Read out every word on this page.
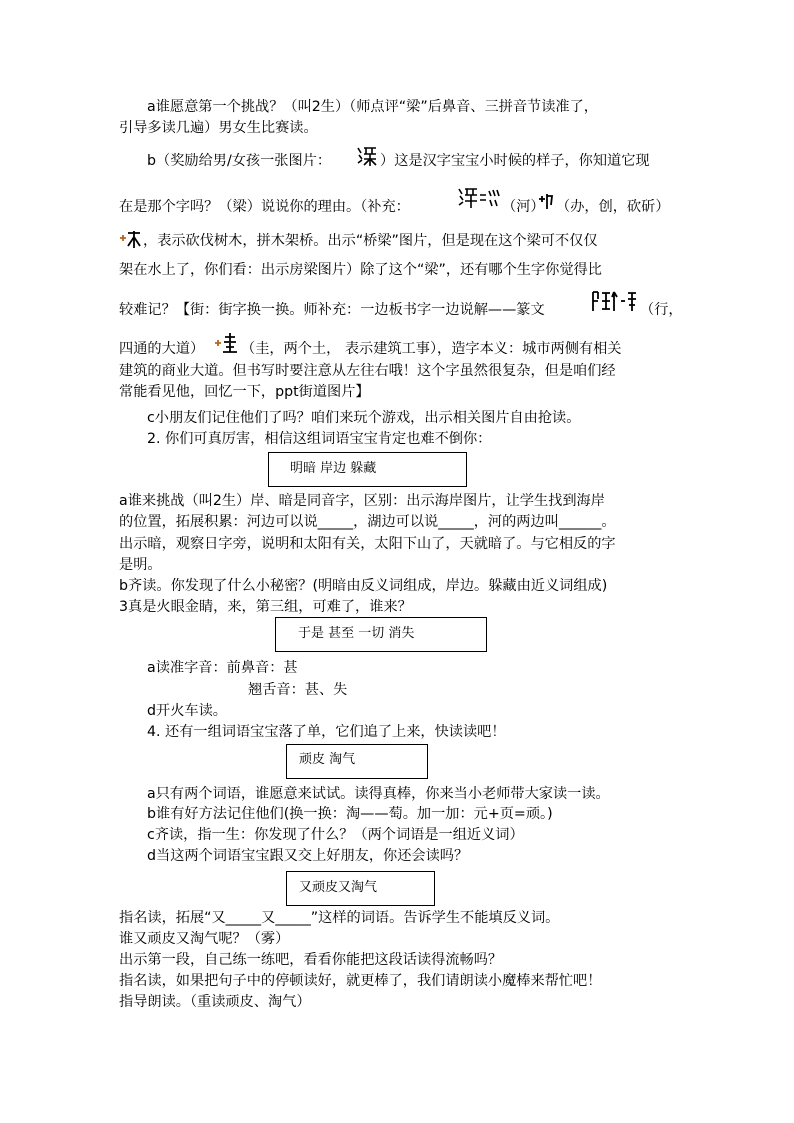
a谁愿意第一个挑战？（叫2生）（师点评“梁”后鼻音、三拼音节读准了，
引导多读几遍）男女生比赛读。
b（奖励给男/女孩一张图片：	）这是汉字宝宝小时候的样子，你知道它现
在是那个字吗？（梁）说说你的理由。（补充：	（河） （办，创，砍斫）
，表示砍伐树木，拼木架桥。出示“桥梁”图片，但是现在这个梁可不仅仅
架在水上了，你们看：出示房梁图片）除了这个“梁”，还有哪个生字你觉得比
较难记？【街：街字换一换。师补充：一边板书字一边说解——篆文	（行，
四通的大道）	（圭，两个土， 表示建筑工事），造字本义：城市两侧有相关
建筑的商业大道。但书写时要注意从左往右哦！这个字虽然很复杂，但是咱们经
常能看见他，回忆一下，ppt街道图片】
c小朋友们记住他们了吗？咱们来玩个游戏，出示相关图片自由抢读。
2. 你们可真厉害，相信这组词语宝宝肯定也难不倒你：
明暗 岸边 躲藏
a谁来挑战（叫2生）岸、暗是同音字，区别：出示海岸图片，让学生找到海岸
的位置，拓展积累：河边可以说_____，湖边可以说_____，河的两边叫______。
出示暗，观察日字旁，说明和太阳有关，太阳下山了，天就暗了。与它相反的字
是明。
b齐读。你发现了什么小秘密？(明暗由反义词组成，岸边。躲藏由近义词组成)
3真是火眼金睛，来，第三组，可难了，谁来？
于是 甚至 一切 消失
a读准字音：前鼻音：甚
翘舌音：甚、失
d开火车读。
4. 还有一组词语宝宝落了单，它们追了上来，快读读吧！
顽皮 淘气
a只有两个词语，谁愿意来试试。读得真棒，你来当小老师带大家读一读。
b谁有好方法记住他们(换一换：淘——萄。加一加：元+页=顽。)
c齐读，指一生：你发现了什么？（两个词语是一组近义词）
d当这两个词语宝宝跟又交上好朋友，你还会读吗？
又顽皮又淘气
指名读，拓展“又_____又_____”这样的词语。告诉学生不能填反义词。
谁又顽皮又淘气呢？（雾）
出示第一段，自己练一练吧，看看你能把这段话读得流畅吗？
指名读，如果把句子中的停顿读好，就更棒了，我们请朗读小魔棒来帮忙吧！
指导朗读。（重读顽皮、淘气）
